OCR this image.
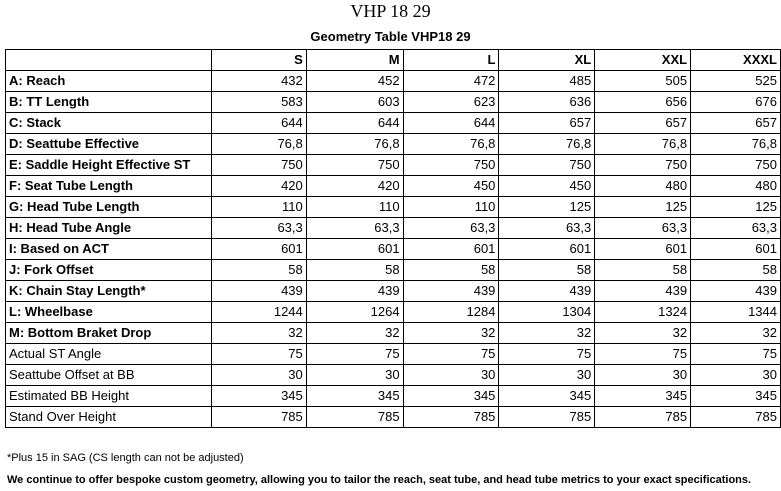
VHP 18 29
Geometry Table VHP18 29
	S	M	L	XL	XXL	XXXL
A: Reach	432	452	472	485	505	525
B: TT Length	583	603	623	636	656	676
C: Stack	644	644	644	657	657	657
D: Seattube Effective	76,8	76,8	76,8	76,8	76,8	76,8
E: Saddle Height Effective ST	750	750	750	750	750	750
F: Seat Tube Length	420	420	450	450	480	480
G: Head Tube Length	110	110	110	125	125	125
H: Head Tube Angle	63,3	63,3	63,3	63,3	63,3	63,3
I: Based on ACT	601	601	601	601	601	601
J: Fork Offset	58	58	58	58	58	58
K: Chain Stay Length*	439	439	439	439	439	439
L: Wheelbase	1244	1264	1284	1304	1324	1344
M: Bottom Braket Drop	32	32	32	32	32	32
Actual ST Angle	75	75	75	75	75	75
Seattube Offset at BB	30	30	30	30	30	30
Estimated BB Height	345	345	345	345	345	345
Stand Over Height	785	785	785	785	785	785
*Plus 15 in SAG (CS length can not be adjusted)
We continue to offer bespoke custom geometry, allowing you to tailor the reach, seat tube, and head tube metrics to your exact specifications.
